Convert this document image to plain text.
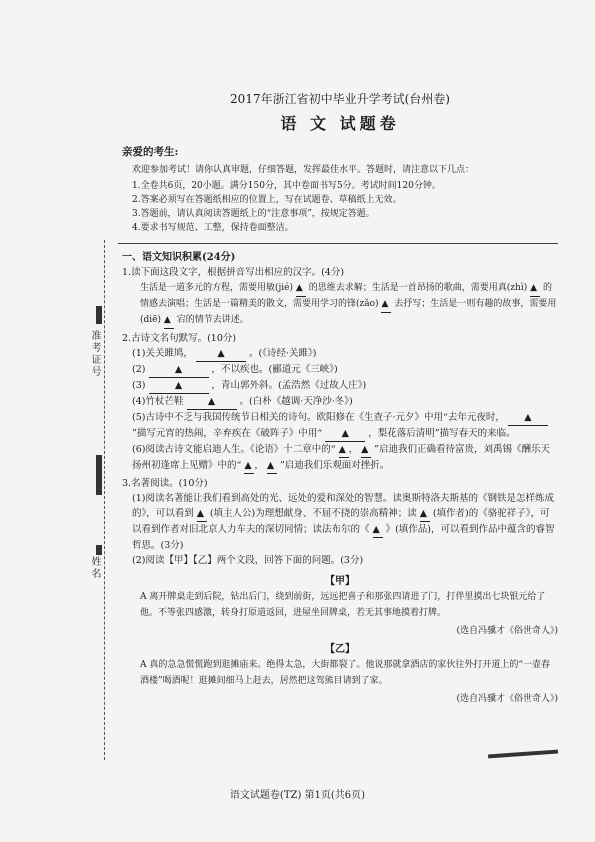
准考证号
姓名

2017年浙江省初中毕业升学考试(台州卷)

语 文 试题卷

亲爱的考生:

欢迎参加考试！请你认真审题，仔细答题，发挥最佳水平。答题时，请注意以下几点：

1.全卷共6页，20小题。满分150分，其中卷面书写5分。考试时间120分钟。
2.答案必须写在答题纸相应的位置上，写在试题卷、草稿纸上无效。
3.答题前，请认真阅读答题纸上的“注意事项”，按规定答题。
4.要求书写规范、工整，保持卷面整洁。

一、语文知识积累(24分)

1.读下面这段文字，根据拼音写出相应的汉字。(4分)

生活是一道多元的方程，需要用敏(jié) ▲ 的思维去求解；生活是一首昂扬的歌曲，需要用真(zhì) ▲ 的情感去演唱；生活是一篇精美的散文，需要用学习的锋(zǎo) ▲ 去抒写；生活是一则有趣的故事，需要用(diē) ▲ 宕的情节去讲述。

2.古诗文名句默写。(10分)

(1)关关雎鸠，	▲	。(《诗经·关雎》)

(2)	▲	，不以疾也。(郦道元《三峡》)

(3)	▲	，青山郭外斜。(孟浩然《过故人庄》)

(4)竹杖芒鞋	▲	。(白朴《越调·天净沙·冬》)

(5)古诗中不乏与我国传统节日相关的诗句。欧阳修在《生查子·元夕》中用“去年元夜时， ▲ ”描写元宵的热闹，辛弃疾在《破阵子》中用“ ▲ ，梨花落后清明”描写春天的来临。

(6)阅读古诗文能启迪人生。《论语》十二章中的“ ▲ ， ▲ ”启迪我们正确看待富贵，刘禹锡《酬乐天扬州初逢席上见赠》中的“ ▲ ， ▲ ”启迪我们乐观面对挫折。

3.名著阅读。(10分)

(1)阅读名著能让我们看到高处的光、远处的爱和深处的智慧。读奥斯特洛夫斯基的《钢铁是怎样炼成的》，可以看到 ▲ (填主人公)为理想献身、不屈不挠的崇高精神；读 ▲ (填作者)的《骆驼祥子》，可以看到作者对旧北京人力车夫的深切同情；读法布尔的《 ▲ 》(填作品)，可以看到作品中蕴含的睿智哲思。(3分)

(2)阅读【甲】【乙】两个文段，回答下面的问题。(3分)

【甲】

A 离开牌桌走到后院，钻出后门，绕到前街，远远把喜子和那张四请进了门，打伴里摸出七块银元给了他。不等张四感激，转身打原道返回，进屋坐回牌桌，若无其事地摸着打牌。

(选自冯骥才《俗世奇人》)

【乙】

A 真的急急慌慌跑到逛摊庙来。绝得太急，大街都裂了。他说那就拿酒店的家伙往外打开道上的“一壶春酒楼”喝酒呢！逛摊间细马上赶去，居然把这驾熊目请到了家。

(选自冯骥才《俗世奇人》)

语文试题卷(TZ) 第1页(共6页)
